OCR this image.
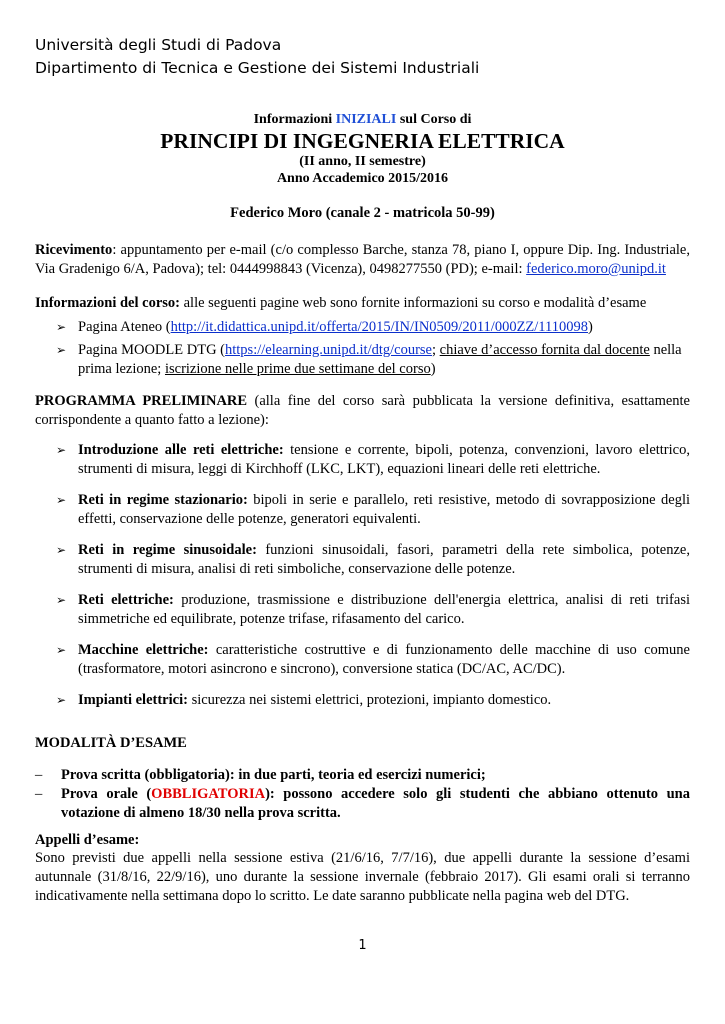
Università degli Studi di Padova
Dipartimento di Tecnica e Gestione dei Sistemi Industriali
Informazioni INIZIALI sul Corso di
PRINCIPI DI INGEGNERIA ELETTRICA
(II anno, II semestre)
Anno Accademico 2015/2016
Federico Moro (canale 2 - matricola 50-99)
Ricevimento: appuntamento per e-mail (c/o complesso Barche, stanza 78, piano I, oppure Dip. Ing. Industriale, Via Gradenigo 6/A, Padova); tel: 0444998843 (Vicenza), 0498277550 (PD); e-mail: federico.moro@unipd.it
Informazioni del corso: alle seguenti pagine web sono fornite informazioni su corso e modalità d’esame
➢ Pagina Ateneo (http://it.didattica.unipd.it/offerta/2015/IN/IN0509/2011/000ZZ/1110098)
➢ Pagina MOODLE DTG (https://elearning.unipd.it/dtg/course; chiave d’accesso fornita dal docente nella prima lezione; iscrizione nelle prime due settimane del corso)
PROGRAMMA PRELIMINARE (alla fine del corso sarà pubblicata la versione definitiva, esattamente corrispondente a quanto fatto a lezione):
➢ Introduzione alle reti elettriche: tensione e corrente, bipoli, potenza, convenzioni, lavoro elettrico, strumenti di misura, leggi di Kirchhoff (LKC, LKT), equazioni lineari delle reti elettriche.
➢ Reti in regime stazionario: bipoli in serie e parallelo, reti resistive, metodo di sovrapposizione degli effetti, conservazione delle potenze, generatori equivalenti.
➢ Reti in regime sinusoidale: funzioni sinusoidali, fasori, parametri della rete simbolica, potenze, strumenti di misura, analisi di reti simboliche, conservazione delle potenze.
➢ Reti elettriche: produzione, trasmissione e distribuzione dell'energia elettrica, analisi di reti trifasi simmetriche ed equilibrate, potenze trifase, rifasamento del carico.
➢ Macchine elettriche: caratteristiche costruttive e di funzionamento delle macchine di uso comune (trasformatore, motori asincrono e sincrono), conversione statica (DC/AC, AC/DC).
➢ Impianti elettrici: sicurezza nei sistemi elettrici, protezioni, impianto domestico.
MODALITÀ D’ESAME
– Prova scritta (obbligatoria): in due parti, teoria ed esercizi numerici;
– Prova orale (OBBLIGATORIA): possono accedere solo gli studenti che abbiano ottenuto una votazione di almeno 18/30 nella prova scritta.
Appelli d’esame:
Sono previsti due appelli nella sessione estiva (21/6/16, 7/7/16), due appelli durante la sessione d’esami autunnale (31/8/16, 22/9/16), uno durante la sessione invernale (febbraio 2017). Gli esami orali si terranno indicativamente nella settimana dopo lo scritto. Le date saranno pubblicate nella pagina web del DTG.
1
